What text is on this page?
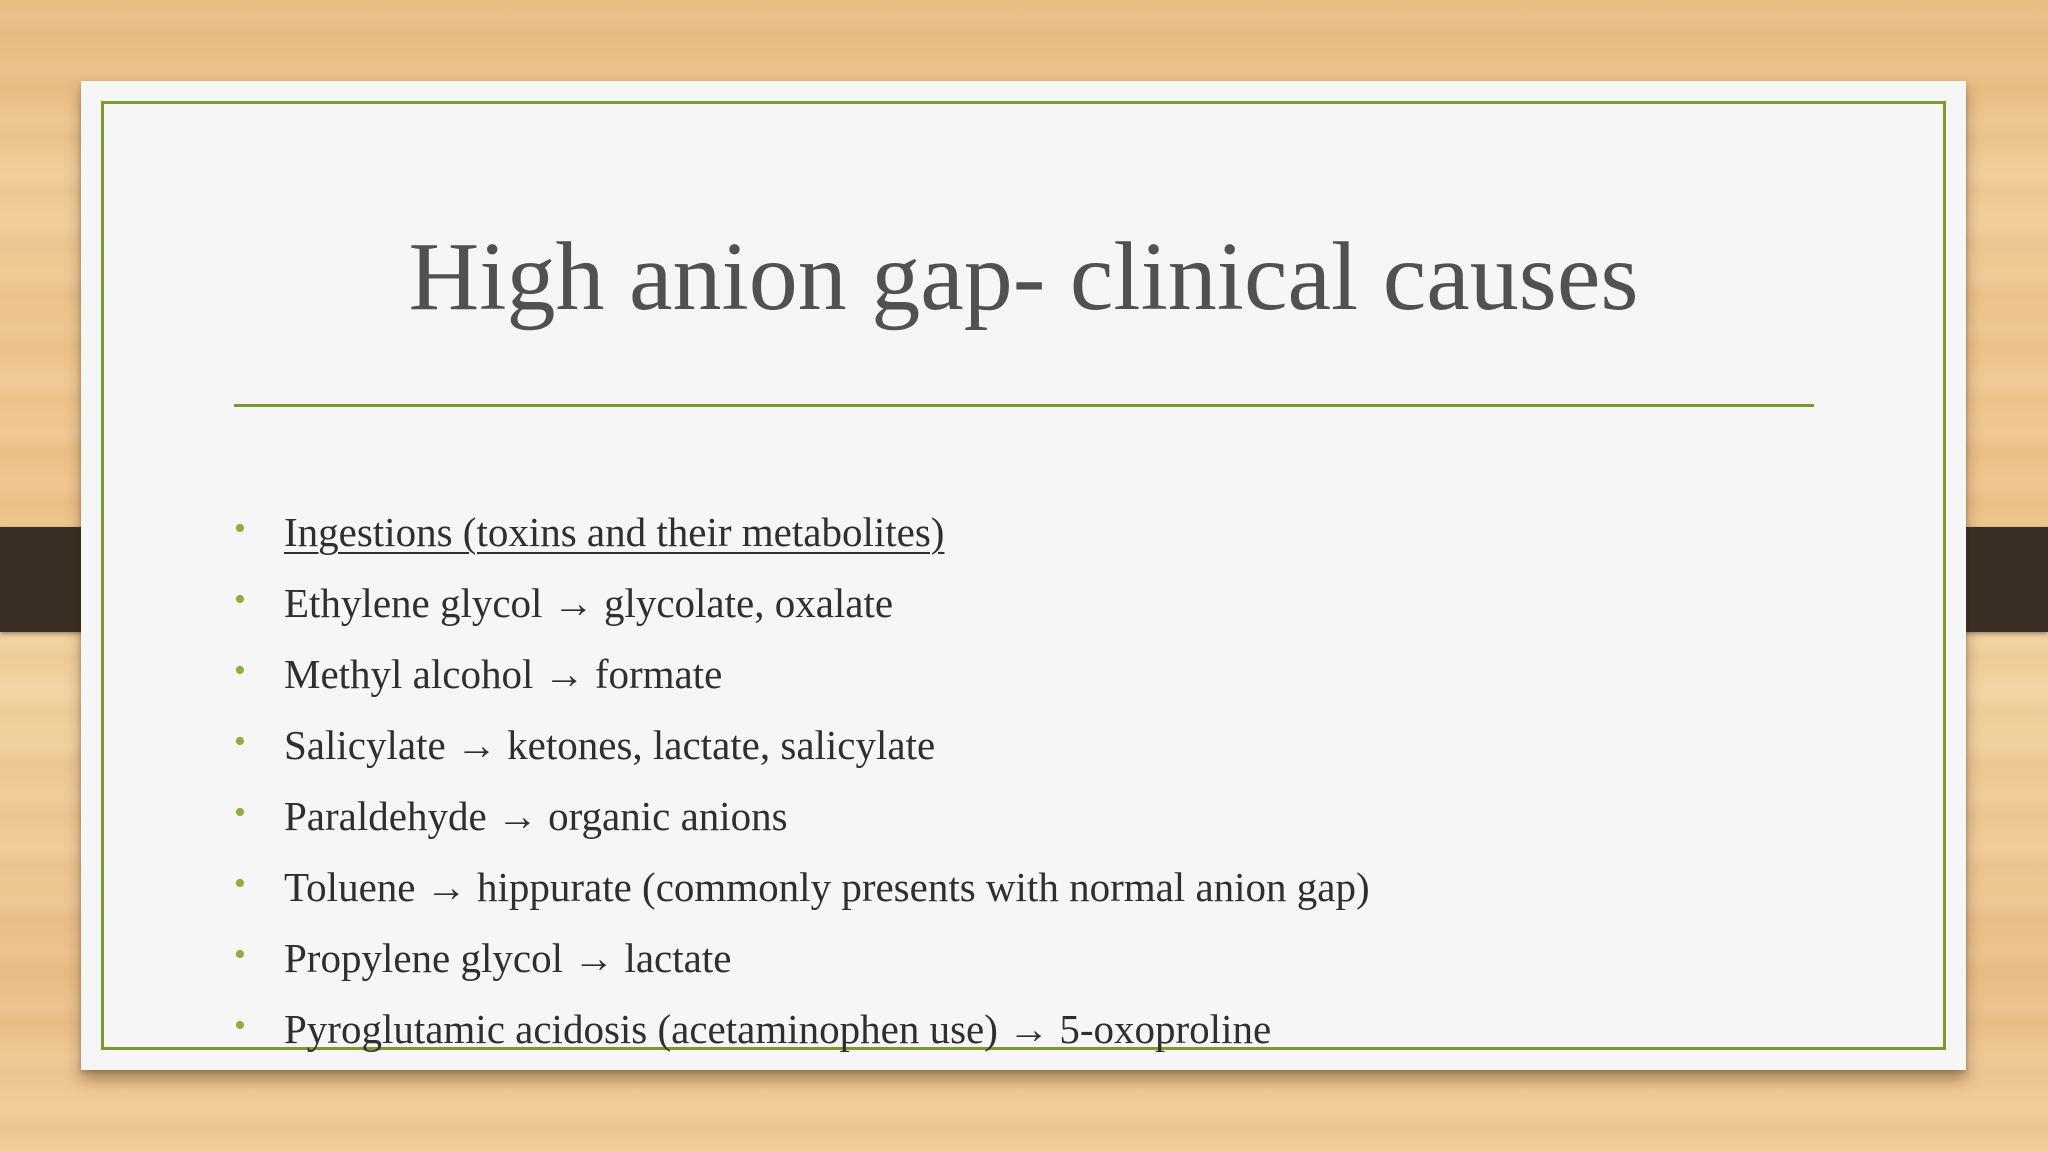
High anion gap- clinical causes
• Ingestions (toxins and their metabolites)
• Ethylene glycol → glycolate, oxalate
• Methyl alcohol → formate
• Salicylate → ketones, lactate, salicylate
• Paraldehyde → organic anions
• Toluene → hippurate (commonly presents with normal anion gap)
• Propylene glycol → lactate
• Pyroglutamic acidosis (acetaminophen use) → 5-oxoproline
